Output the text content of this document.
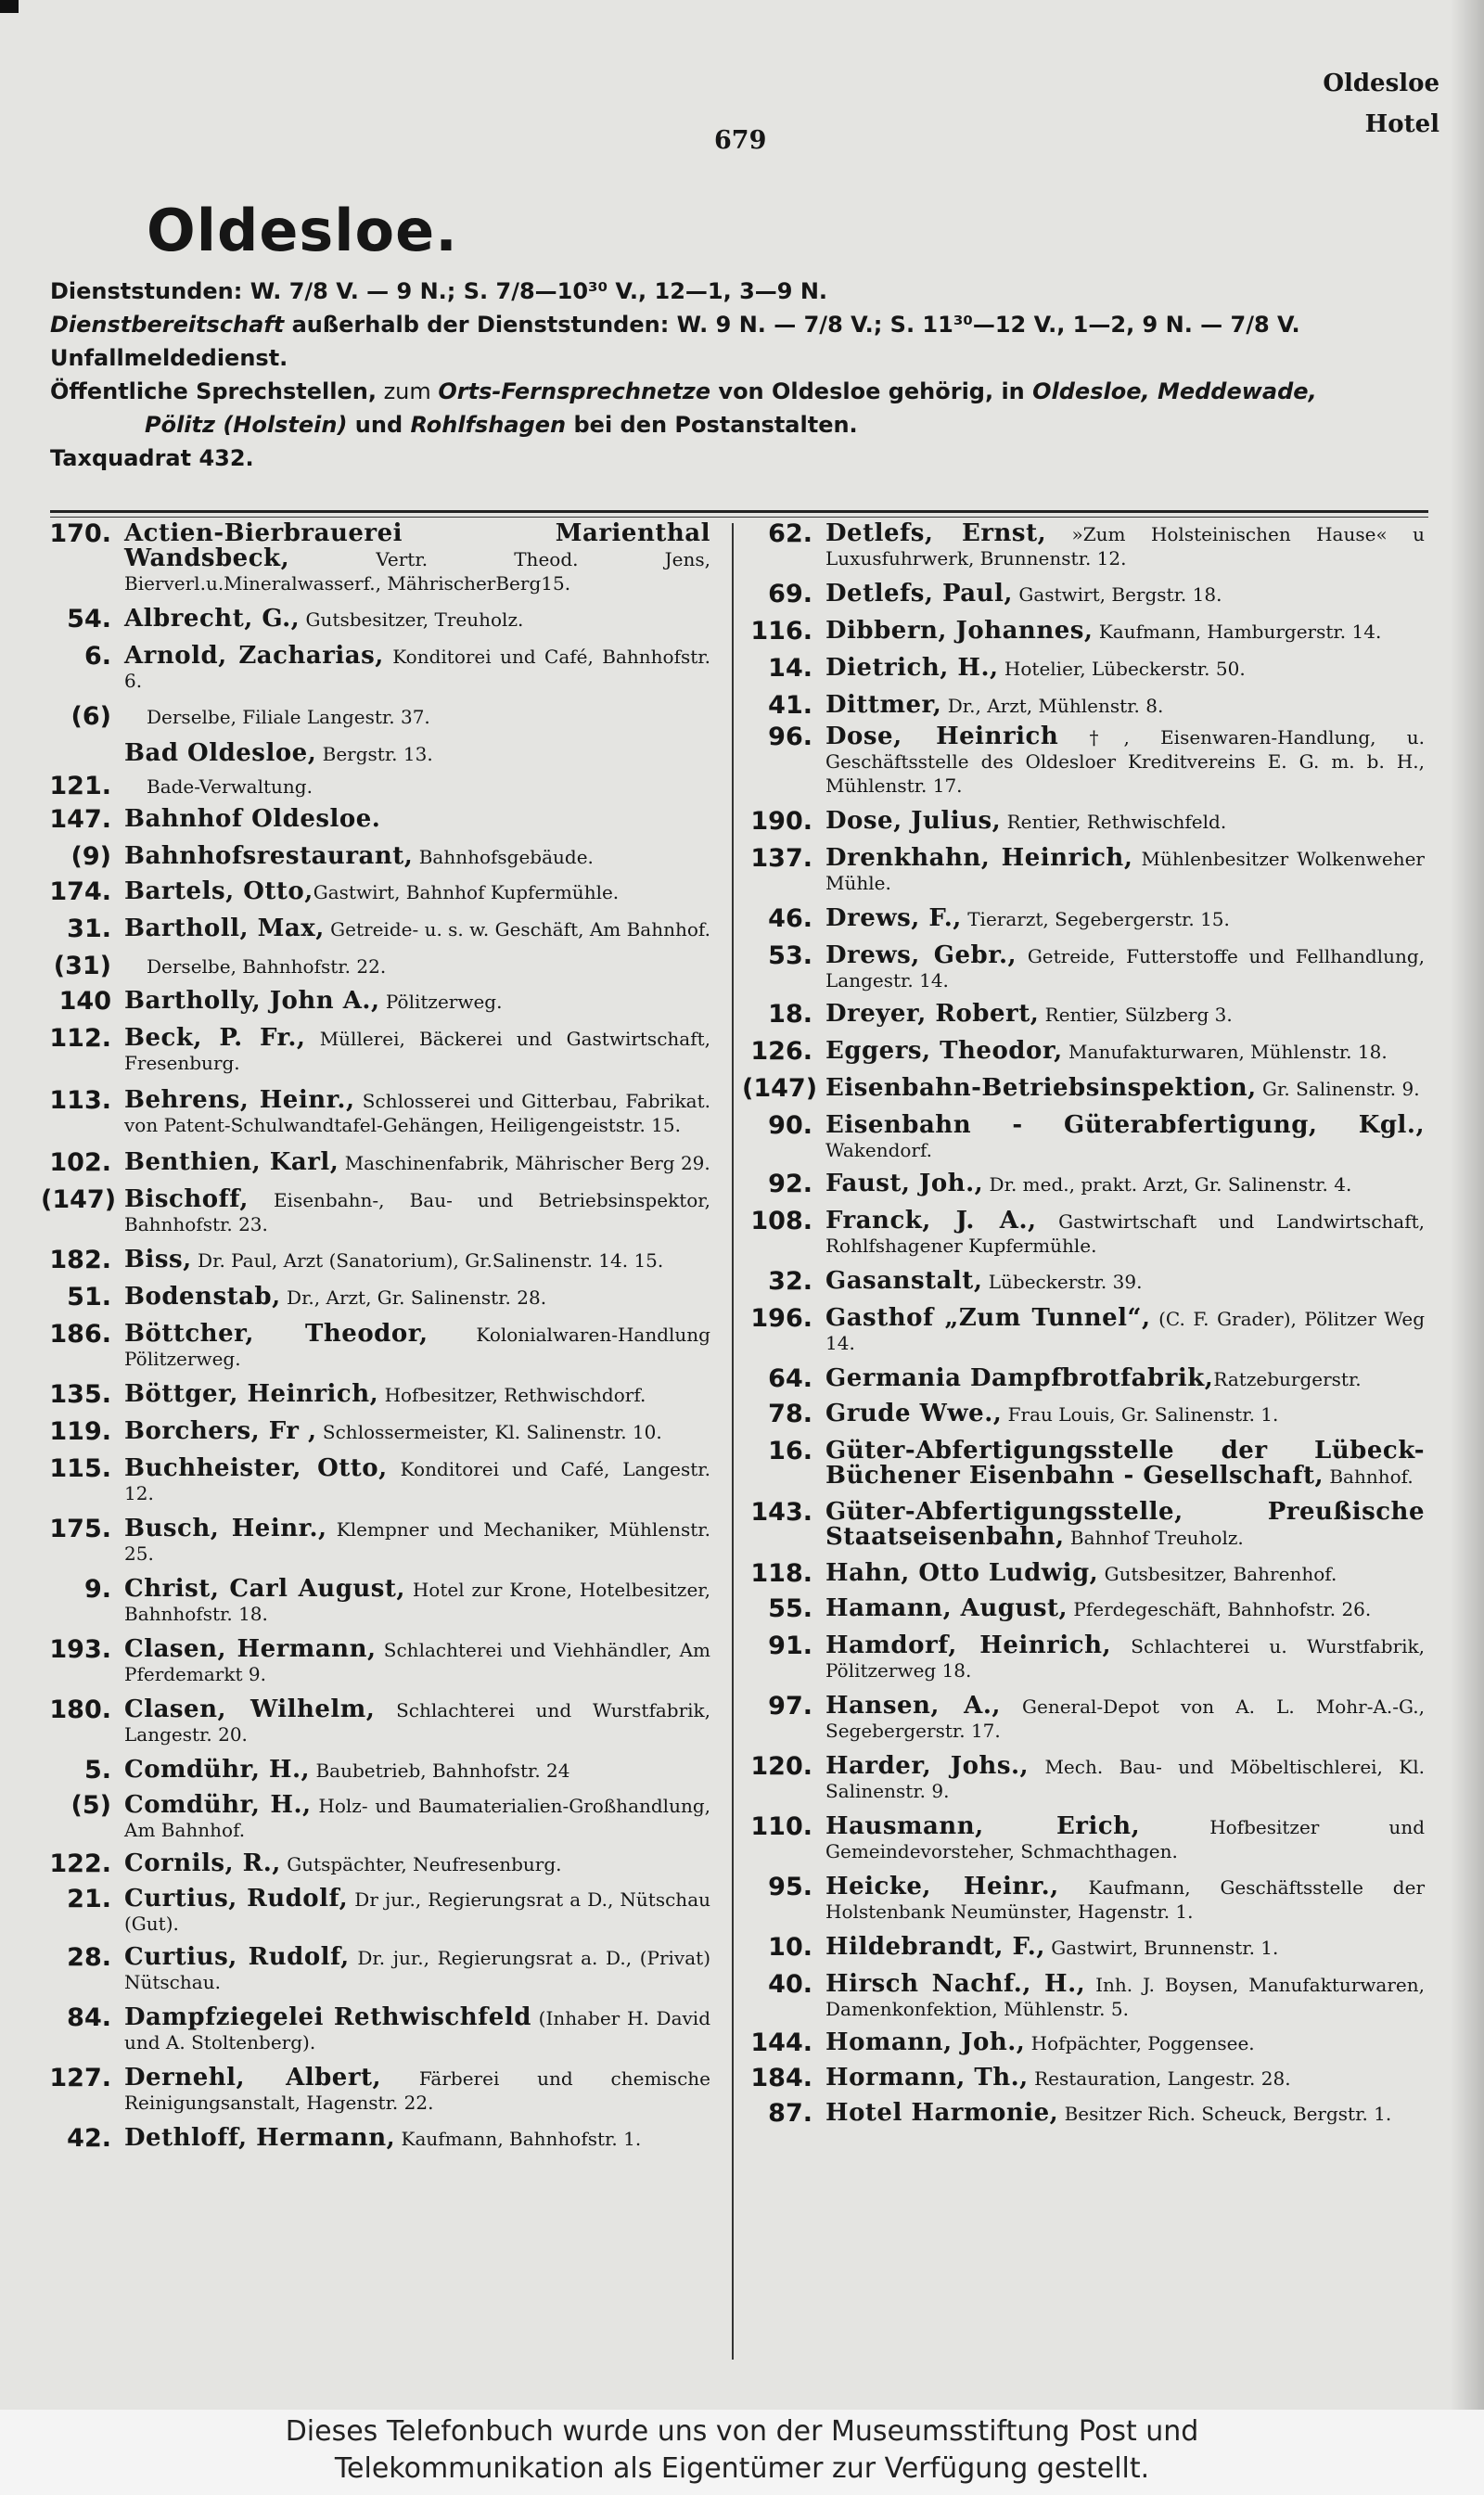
Oldesloe
Hotel
679
Oldesloe.
Dienststunden: W. 7/8 V. — 9 N.; S. 7/8—10³⁰ V., 12—1, 3—9 N.
Dienstbereitschaft außerhalb der Dienststunden: W. 9 N. — 7/8 V.; S. 11³⁰—12 V., 1—2, 9 N. — 7/8 V.
Unfallmeldedienst.
Öffentliche Sprechstellen, zum Orts-Fernsprechnetze von Oldesloe gehörig, in Oldesloe, Meddewade,
Pölitz (Holstein) und Rohlfshagen bei den Postanstalten.
Taxquadrat 432.
170. Actien-Bierbrauerei Marienthal Wandsbeck, Vertr. Theod. Jens, Bierverl.u.Mineralwasserf., MährischerBerg15.
54. Albrecht, G., Gutsbesitzer, Treuholz.
6. Arnold, Zacharias, Konditorei und Café, Bahnhofstr. 6.
(6)	Derselbe, Filiale Langestr. 37.
Bad Oldesloe, Bergstr. 13.
121.	Bade-Verwaltung.
147. Bahnhof Oldesloe.
(9) Bahnhofsrestaurant, Bahnhofsgebäude.
174. Bartels, Otto,Gastwirt, Bahnhof Kupfermühle.
31. Bartholl, Max, Getreide- u. s. w. Geschäft, Am Bahnhof.
(31)	Derselbe, Bahnhofstr. 22.
140 Bartholly, John A., Pölitzerweg.
112. Beck, P. Fr., Müllerei, Bäckerei und Gastwirtschaft, Fresenburg.
113. Behrens, Heinr., Schlosserei und Gitterbau, Fabrikat. von Patent-Schulwandtafel-Gehängen, Heiligengeiststr. 15.
102. Benthien, Karl, Maschinenfabrik, Mährischer Berg 29.
(147) Bischoff, Eisenbahn-, Bau- und Betriebsinspektor, Bahnhofstr. 23.
182. Biss, Dr. Paul, Arzt (Sanatorium), Gr.Salinenstr. 14. 15.
51. Bodenstab, Dr., Arzt, Gr. Salinenstr. 28.
186. Böttcher, Theodor, Kolonialwaren-Handlung Pölitzerweg.
135. Böttger, Heinrich, Hofbesitzer, Rethwischdorf.
119. Borchers, Fr , Schlossermeister, Kl. Salinenstr. 10.
115. Buchheister, Otto, Konditorei und Café, Langestr. 12.
175. Busch, Heinr., Klempner und Mechaniker, Mühlenstr. 25.
9. Christ, Carl August, Hotel zur Krone, Hotelbesitzer, Bahnhofstr. 18.
193. Clasen, Hermann, Schlachterei und Viehhändler, Am Pferdemarkt 9.
180. Clasen, Wilhelm, Schlachterei und Wurstfabrik, Langestr. 20.
5. Comdühr, H., Baubetrieb, Bahnhofstr. 24
(5) Comdühr, H., Holz- und Baumaterialien-Großhandlung, Am Bahnhof.
122. Cornils, R., Gutspächter, Neufresenburg.
21. Curtius, Rudolf, Dr jur., Regierungsrat a D., Nütschau (Gut).
28. Curtius, Rudolf, Dr. jur., Regierungsrat a. D., (Privat) Nütschau.
84. Dampfziegelei Rethwischfeld (Inhaber H. David und A. Stoltenberg).
127. Dernehl, Albert, Färberei und chemische Reinigungsanstalt, Hagenstr. 22.
42. Dethloff, Hermann, Kaufmann, Bahnhofstr. 1.
62. Detlefs, Ernst, »Zum Holsteinischen Hause« u Luxusfuhrwerk, Brunnenstr. 12.
69. Detlefs, Paul, Gastwirt, Bergstr. 18.
116. Dibbern, Johannes, Kaufmann, Hamburgerstr. 14.
14. Dietrich, H., Hotelier, Lübeckerstr. 50.
41. Dittmer, Dr., Arzt, Mühlenstr. 8.
96. Dose, Heinrich †, Eisenwaren-Handlung, u. Geschäftsstelle des Oldesloer Kreditvereins E. G. m. b. H., Mühlenstr. 17.
190. Dose, Julius, Rentier, Rethwischfeld.
137. Drenkhahn, Heinrich, Mühlenbesitzer Wolkenweher Mühle.
46. Drews, F., Tierarzt, Segebergerstr. 15.
53. Drews, Gebr., Getreide, Futterstoffe und Fellhandlung, Langestr. 14.
18. Dreyer, Robert, Rentier, Sülzberg 3.
126. Eggers, Theodor, Manufakturwaren, Mühlenstr. 18.
(147) Eisenbahn-Betriebsinspektion, Gr. Salinenstr. 9.
90. Eisenbahn - Güterabfertigung, Kgl., Wakendorf.
92. Faust, Joh., Dr. med., prakt. Arzt, Gr. Salinenstr. 4.
108. Franck, J. A., Gastwirtschaft und Landwirtschaft, Rohlfshagener Kupfermühle.
32. Gasanstalt, Lübeckerstr. 39.
196. Gasthof „Zum Tunnel“, (C. F. Grader), Pölitzer Weg 14.
64. Germania Dampfbrotfabrik,Ratzeburgerstr.
78. Grude Wwe., Frau Louis, Gr. Salinenstr. 1.
16. Güter-Abfertigungsstelle der Lübeck-Büchener Eisenbahn - Gesellschaft, Bahnhof.
143. Güter-Abfertigungsstelle, Preußische Staatseisenbahn, Bahnhof Treuholz.
118. Hahn, Otto Ludwig, Gutsbesitzer, Bahrenhof.
55. Hamann, August, Pferdegeschäft, Bahnhofstr. 26.
91. Hamdorf, Heinrich, Schlachterei u. Wurstfabrik, Pölitzerweg 18.
97. Hansen, A., General-Depot von A. L. Mohr-A.-G., Segebergerstr. 17.
120. Harder, Johs., Mech. Bau- und Möbeltischlerei, Kl. Salinenstr. 9.
110. Hausmann, Erich, Hofbesitzer und Gemeindevorsteher, Schmachthagen.
95. Heicke, Heinr., Kaufmann, Geschäftsstelle der Holstenbank Neumünster, Hagenstr. 1.
10. Hildebrandt, F., Gastwirt, Brunnenstr. 1.
40. Hirsch Nachf., H., Inh. J. Boysen, Manufakturwaren, Damenkonfektion, Mühlenstr. 5.
144. Homann, Joh., Hofpächter, Poggensee.
184. Hormann, Th., Restauration, Langestr. 28.
87. Hotel Harmonie, Besitzer Rich. Scheuck, Bergstr. 1.
Dieses Telefonbuch wurde uns von der Museumsstiftung Post und
Telekommunikation als Eigentümer zur Verfügung gestellt.
